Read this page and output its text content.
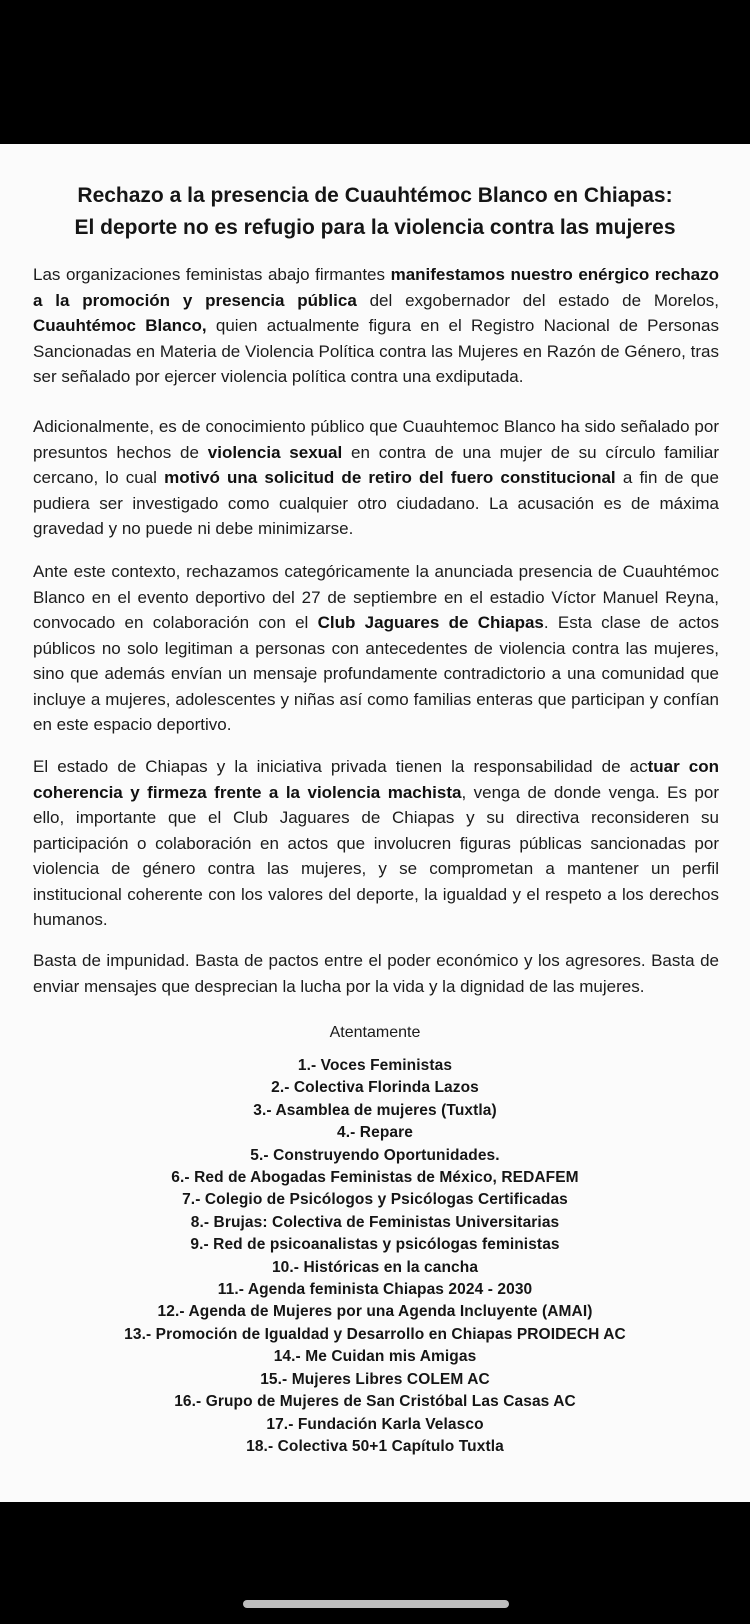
Rechazo a la presencia de Cuauhtémoc Blanco en Chiapas:
El deporte no es refugio para la violencia contra las mujeres

Las organizaciones feministas abajo firmantes manifestamos nuestro enérgico rechazo a la promoción y presencia pública del exgobernador del estado de Morelos, Cuauhtémoc Blanco, quien actualmente figura en el Registro Nacional de Personas Sancionadas en Materia de Violencia Política contra las Mujeres en Razón de Género, tras ser señalado por ejercer violencia política contra una exdiputada.

Adicionalmente, es de conocimiento público que Cuauhtemoc Blanco ha sido señalado por presuntos hechos de violencia sexual en contra de una mujer de su círculo familiar cercano, lo cual motivó una solicitud de retiro del fuero constitucional a fin de que pudiera ser investigado como cualquier otro ciudadano. La acusación es de máxima gravedad y no puede ni debe minimizarse.

Ante este contexto, rechazamos categóricamente la anunciada presencia de Cuauhtémoc Blanco en el evento deportivo del 27 de septiembre en el estadio Víctor Manuel Reyna, convocado en colaboración con el Club Jaguares de Chiapas. Esta clase de actos públicos no solo legitiman a personas con antecedentes de violencia contra las mujeres, sino que además envían un mensaje profundamente contradictorio a una comunidad que incluye a mujeres, adolescentes y niñas así como familias enteras que participan y confían en este espacio deportivo.

El estado de Chiapas y la iniciativa privada tienen la responsabilidad de actuar con coherencia y firmeza frente a la violencia machista, venga de donde venga. Es por ello, importante que el Club Jaguares de Chiapas y su directiva reconsideren su participación o colaboración en actos que involucren figuras públicas sancionadas por violencia de género contra las mujeres, y se comprometan a mantener un perfil institucional coherente con los valores del deporte, la igualdad y el respeto a los derechos humanos.

Basta de impunidad. Basta de pactos entre el poder económico y los agresores. Basta de enviar mensajes que desprecian la lucha por la vida y la dignidad de las mujeres.

Atentamente
1.- Voces Feministas
2.- Colectiva Florinda Lazos
3.- Asamblea de mujeres (Tuxtla)
4.- Repare
5.- Construyendo Oportunidades.
6.- Red de Abogadas Feministas de México, REDAFEM
7.- Colegio de Psicólogos y Psicólogas Certificadas
8.- Brujas: Colectiva de Feministas Universitarias
9.- Red de psicoanalistas y psicólogas feministas
10.- Históricas en la cancha
11.- Agenda feminista Chiapas 2024 - 2030
12.- Agenda de Mujeres por una Agenda Incluyente (AMAI)
13.- Promoción de Igualdad y Desarrollo en Chiapas PROIDECH AC
14.- Me Cuidan mis Amigas
15.- Mujeres Libres COLEM AC
16.- Grupo de Mujeres de San Cristóbal Las Casas AC
17.- Fundación Karla Velasco
18.- Colectiva 50+1 Capítulo Tuxtla
